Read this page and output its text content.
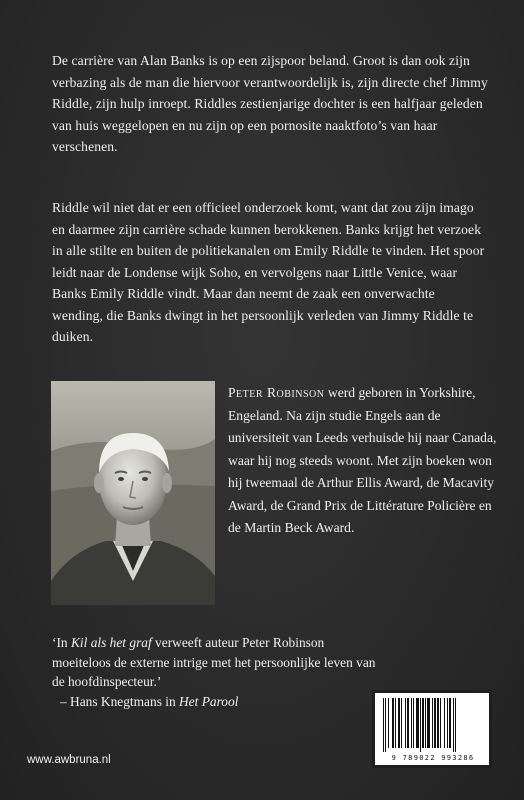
De carrière van Alan Banks is op een zijspoor beland. Groot is dan ook zijn verbazing als de man die hiervoor verantwoordelijk is, zijn directe chef Jimmy Riddle, zijn hulp inroept. Riddles zestienjarige dochter is een halfjaar geleden van huis weggelopen en nu zijn op een pornosite naaktfoto’s van haar verschenen.

Riddle wil niet dat er een officieel onderzoek komt, want dat zou zijn imago en daarmee zijn carrière schade kunnen berokkenen. Banks krijgt het verzoek in alle stilte en buiten de politiekanalen om Emily Riddle te vinden. Het spoor leidt naar de Londense wijk Soho, en vervolgens naar Little Venice, waar Banks Emily Riddle vindt. Maar dan neemt de zaak een onverwachte wending, die Banks dwingt in het persoonlijk verleden van Jimmy Riddle te duiken.

Peter Robinson werd geboren in Yorkshire, Engeland. Na zijn studie Engels aan de universiteit van Leeds verhuisde hij naar Canada, waar hij nog steeds woont. Met zijn boeken won hij tweemaal de Arthur Ellis Award, de Macavity Award, de Grand Prix de Littérature Policière en de Martin Beck Award.
‘In Kil als het graf verweeft auteur Peter Robinson moeiteloos de externe intrige met het persoonlijke leven van de hoofdinspecteur.’
– Hans Knegtmans in Het Parool
9 789022 993286
www.awbruna.nl
